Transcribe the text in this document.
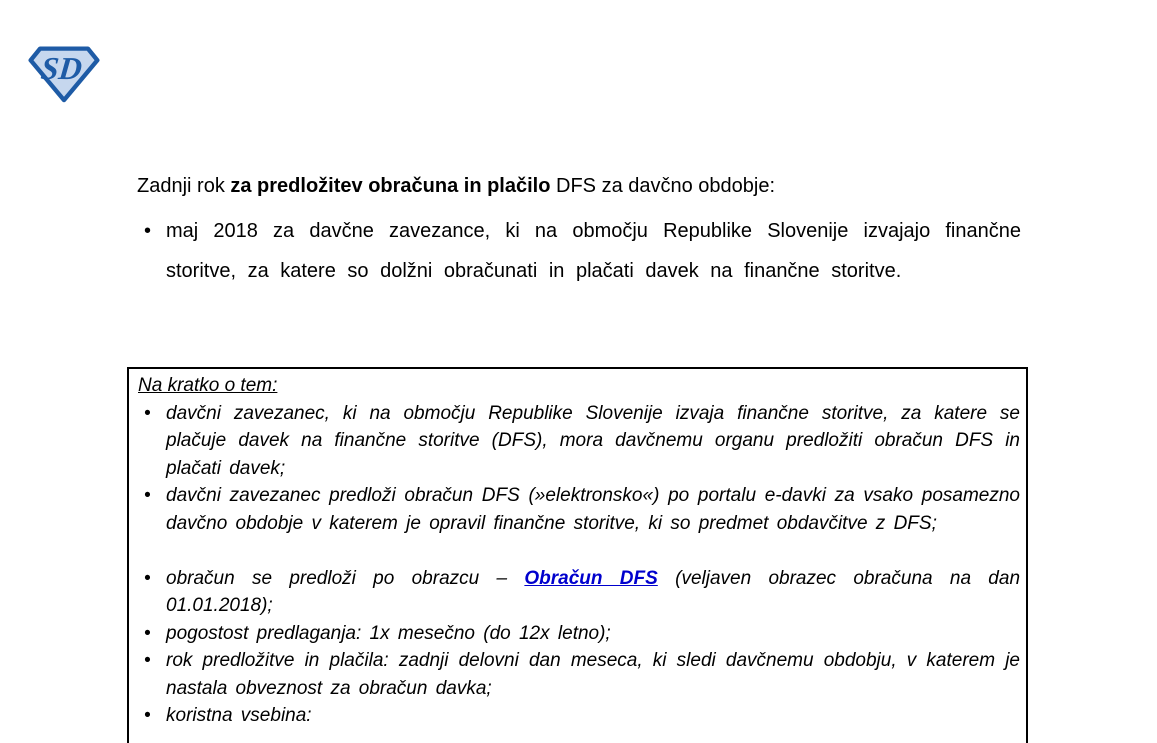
SD
Zadnji rok za predložitev obračuna in plačilo DFS za davčno obdobje:
• maj 2018 za davčne zavezance, ki na območju Republike Slovenije izvajajo finančne storitve, za katere so dolžni obračunati in plačati davek na finančne storitve.
Na kratko o tem:
• davčni zavezanec, ki na območju Republike Slovenije izvaja finančne storitve, za katere se plačuje davek na finančne storitve (DFS), mora davčnemu organu predložiti obračun DFS in plačati davek;
• davčni zavezanec predloži obračun DFS (»elektronsko«) po portalu e-davki za vsako posamezno davčno obdobje v katerem je opravil finančne storitve, ki so predmet obdavčitve z DFS;
• obračun se predloži po obrazcu – Obračun DFS (veljaven obrazec obračuna na dan 01.01.2018);
• pogostost predlaganja: 1x mesečno (do 12x letno);
• rok predložitve in plačila: zadnji delovni dan meseca, ki sledi davčnemu obdobju, v katerem je nastala obveznost za obračun davka;
• koristna vsebina:
